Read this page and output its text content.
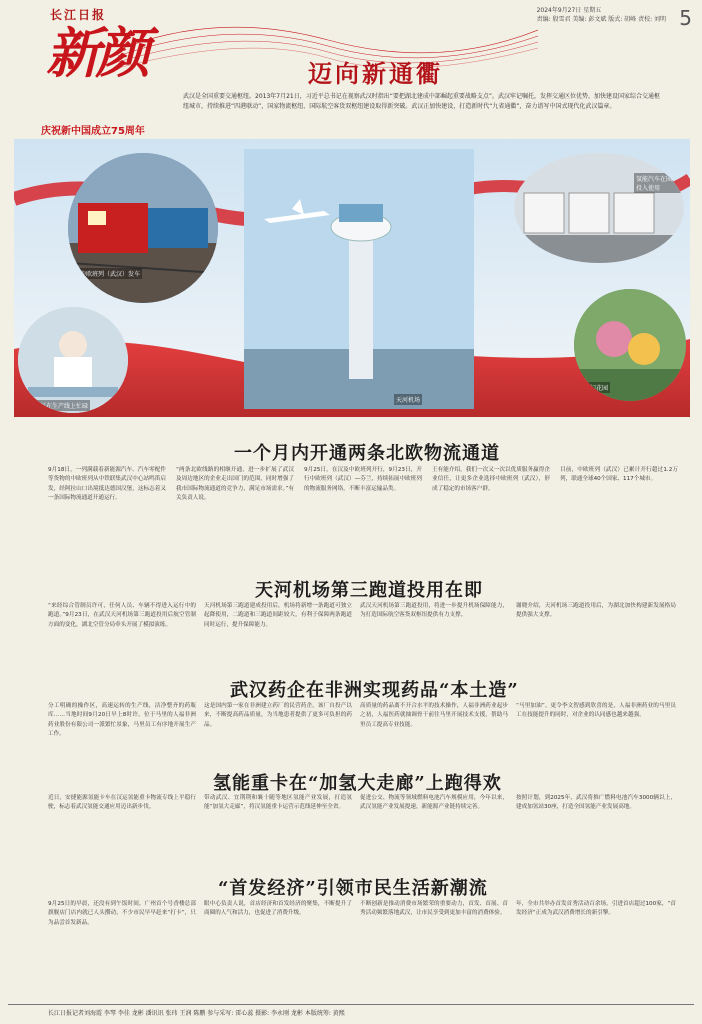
长江日报
新颜
2024年9月27日 星期五
责编: 殷雪君 美编: 彭文斌 版式: 胡峰 责校: 刘明 5
迈向新通衢
武汉是全国重要交通枢纽。2013年7月21日，习近平总书记在视察武汉时指出“要把湖北建成中部崛起重要战略支点”。武汉牢记嘱托，发挥交通区位优势，加快建设国家综合交通枢纽城市，持续推进“四港联动”，国家物流枢纽、国际航空客货双枢纽建设取得新突破。武汉正加快建设，打造新时代“九省通衢”，奋力谱写中国式现代化武汉篇章。
庆祝新中国成立75周年
中欧班列（武汉）发车
工作人员在生产线上忙碌
天河机场
氢能汽车在园区投入使用
汉阳门花园
一个月内开通两条北欧物流通道
9月18日，一列满载着新能源汽车、汽车零配件等货物的中欧班列从中铁联集武汉中心站鸣笛启发，经阿拉山口出境抵达德国汉堡，这标志着又一条国际物流通道开通运行。
“两条北欧线路的相继开通，进一步扩展了武汉及周边地区的企业走出国门的范围，同时增强了我市国际物流通道的竞争力，满足市场需求。”有关负责人说。
9月25日，在汉及中欧班列开行，9月23日，开行中欧班列（武汉）—芬兰，持续拓展中欧班列的物流服务网络，不断丰富运输品类。
王有能介绍，我们一次又一次以优质服务赢得企业信任，让更多企业选择中欧班列（武汉），形成了稳定的市场客户群。
目前，中欧班列（武汉）已累计开行超过1.2万列，联通全球40个国家、117个城市。
天河机场第三跑道投用在即
“来经综合管制员许可，任何人员、车辆不得进入运行中的跑道。”9月23日，在武汉天河机场第三跑道投用后航空管制方面的变化，湖北空管分局牵头开展了模拟演练。
天河机场第三跑道建成投用后，机场将新增一条跑道可独立起降使用，二跑道和三跑道间距较大，有利于保障两条跑道同时运行，提升保障能力。
武汉天河机场第三跑道投用，将进一步提升机场保障能力，为打造国际航空客货双枢纽提供有力支撑。
谢晓介绍，天河机场三跑道投用后，为湖北加快构建新发展格局提供强大支撑。
武汉药企在非洲实现药品“本土造”
分工明确的操作区，高速运转的生产线，洁净整齐的药瓶库……当地时间9月20日早上8时许，位于马里的人福非洲药业股份有限公司一派繁忙景象，马里员工有序地开展生产工作。
这是国内第一家在非洲建立药厂的民营药企。该厂自投产以来，不断提高药品质量，为当地患者提供了更多可负担的药品。
高质量的药品离不开合水平的技术操作，人福非洲药业起步之初，人福医药就抽调骨干前往马里开展技术支援，帮助马里员工提高专业技能。
“马里加油”。更令李文智感到欣喜的是，人福非洲药业的马里员工在技能提升的同时，对企业的认同感也越来越强。
氢能重卡在“加氢大走廊”上跑得欢
近日，安捷能源氢能卡车在汉运氢能重卡物流专线上平稳行驶，标志着武汉氢能交通应用迈出新步伐。
带动武汉、宜荆荆和襄十随等地区氢能产业发展，打造氢能“加氢大走廊”，将汉氢能重卡运营示范线延伸至全省。
促进公交、物流等领域燃料电池汽车规模应用，今年以来，武汉氢能产业发展提速，新能源产业链持续完善。
按照计划，到2025年，武汉将推广燃料电池汽车3000辆以上，建成加氢站30座，打造全国氢能产业发展高地。
“首发经济”引领市民生活新潮流
9月25日的早晨，还没有到午饭时间，广州首个号香楼总部旗舰店门店内就已人头攒动，不少市民早早赶来“打卡”，只为品尝首发新品。
眼中心负责人说，首店经济和首发经济的聚集，不断提升了商圈的人气和活力，也促进了消费升级。
不断创新是推动消费市场繁荣的重要动力，首发、首展、首秀活动频繁落地武汉，让市民享受到更加丰富的消费体验。
年，全市共举办首发首秀活动百余场，引进首店超过100家，“首发经济”正成为武汉消费增长的新引擎。
长江日报记者刘海霞 李琴 李佳 龙彬 潘讯讯 张玮 王润 陈鹏 参与采写: 雷心蕊 摄影: 李永刚 龙彬 本版统筹: 黄熙
